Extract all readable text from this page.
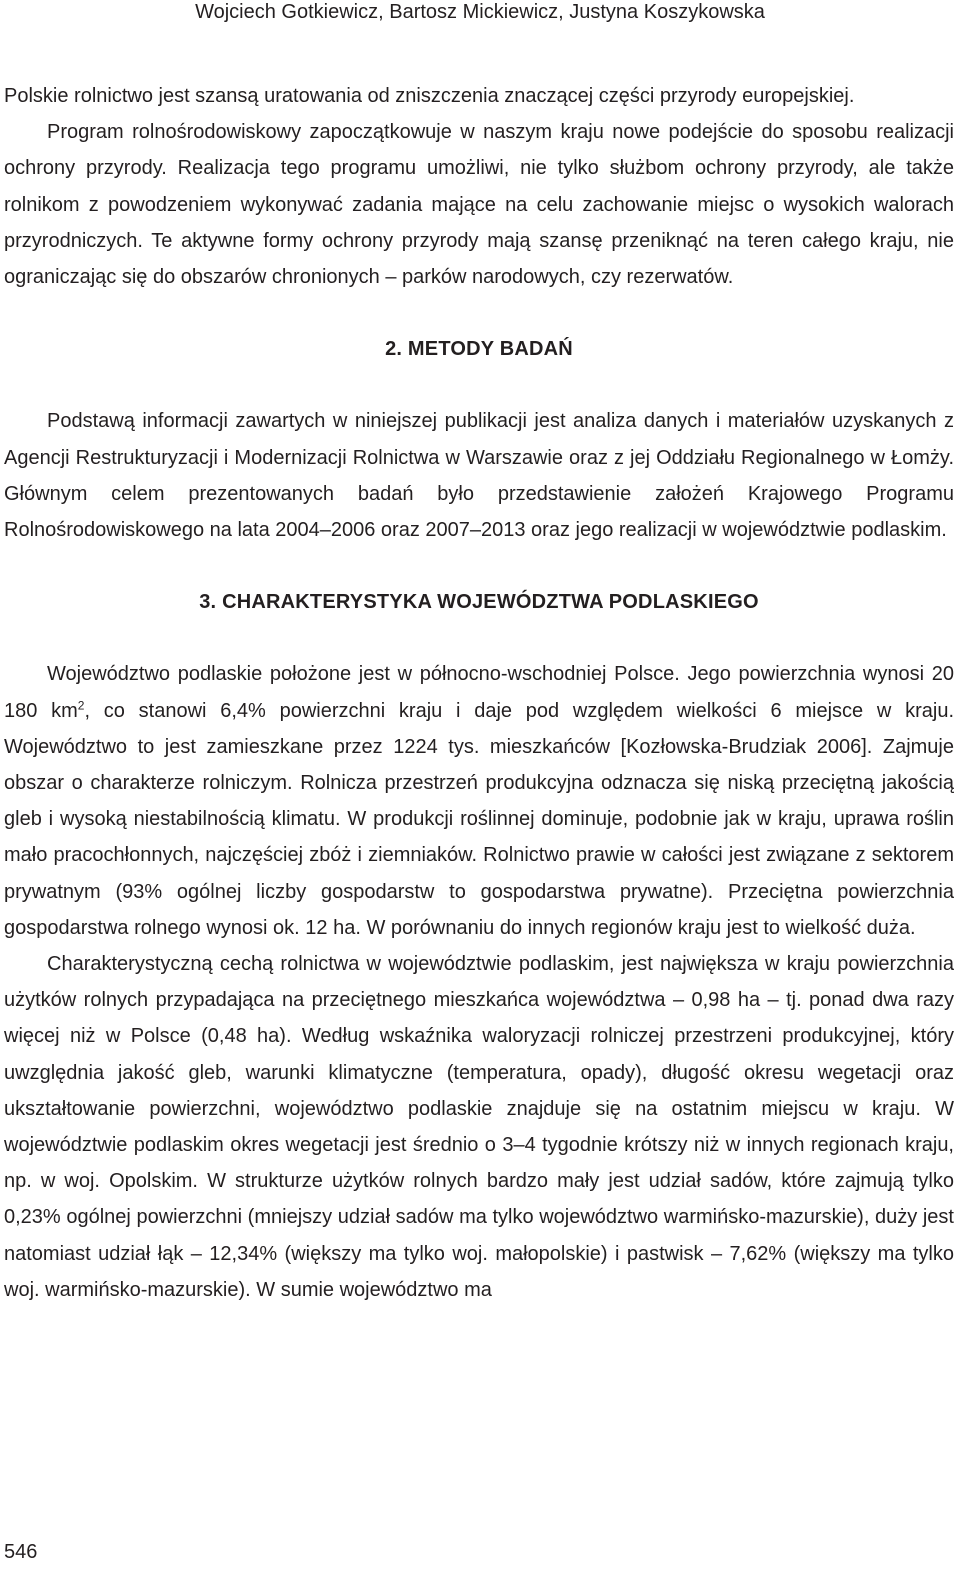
Wojciech Gotkiewicz, Bartosz Mickiewicz, Justyna Koszykowska

Polskie rolnictwo jest szansą uratowania od zniszczenia znaczącej części przyrody europejskiej.

Program rolnośrodowiskowy zapoczątkowuje w naszym kraju nowe podejście do sposobu realizacji ochrony przyrody. Realizacja tego programu umożliwi, nie tylko służbom ochrony przyrody, ale także rolnikom z powodzeniem wykonywać zadania mające na celu zachowanie miejsc o wysokich walorach przyrodniczych. Te aktywne formy ochrony przyrody mają szansę przeniknąć na teren całego kraju, nie ograniczając się do obszarów chronionych – parków narodowych, czy rezerwatów.

2. METODY BADAŃ

Podstawą informacji zawartych w niniejszej publikacji jest analiza danych i materiałów uzyskanych z Agencji Restrukturyzacji i Modernizacji Rolnictwa w Warszawie oraz z jej Oddziału Regionalnego w Łomży. Głównym celem prezentowanych badań było przedstawienie założeń Krajowego Programu Rolnośrodowiskowego na lata 2004–2006 oraz 2007–2013 oraz jego realizacji w województwie podlaskim.

3. CHARAKTERYSTYKA WOJEWÓDZTWA PODLASKIEGO

Województwo podlaskie położone jest w północno-wschodniej Polsce. Jego powierzchnia wynosi 20 180 $km^2$, co stanowi 6,4% powierzchni kraju i daje pod względem wielkości 6 miejsce w kraju. Województwo to jest zamieszkane przez 1224 tys. mieszkańców [Kozłowska-Brudziak 2006]. Zajmuje obszar o charakterze rolniczym. Rolnicza przestrzeń produkcyjna odznacza się niską przeciętną jakością gleb i wysoką niestabilnością klimatu. W produkcji roślinnej dominuje, podobnie jak w kraju, uprawa roślin mało pracochłonnych, najczęściej zbóż i ziemniaków. Rolnictwo prawie w całości jest związane z sektorem prywatnym (93% ogólnej liczby gospodarstw to gospodarstwa prywatne). Przeciętna powierzchnia gospodarstwa rolnego wynosi ok. 12 ha. W porównaniu do innych regionów kraju jest to wielkość duża.

Charakterystyczną cechą rolnictwa w województwie podlaskim, jest największa w kraju powierzchnia użytków rolnych przypadająca na przeciętnego mieszkańca województwa – 0,98 ha – tj. ponad dwa razy więcej niż w Polsce (0,48 ha). Według wskaźnika waloryzacji rolniczej przestrzeni produkcyjnej, który uwzględnia jakość gleb, warunki klimatyczne (temperatura, opady), długość okresu wegetacji oraz ukształtowanie powierzchni, województwo podlaskie znajduje się na ostatnim miejscu w kraju. W województwie podlaskim okres wegetacji jest średnio o 3–4 tygodnie krótszy niż w innych regionach kraju, np. w woj. Opolskim. W strukturze użytków rolnych bardzo mały jest udział sadów, które zajmują tylko 0,23% ogólnej powierzchni (mniejszy udział sadów ma tylko województwo warmińsko-mazurskie), duży jest natomiast udział łąk – 12,34% (większy ma tylko woj. małopolskie) i pastwisk – 7,62% (większy ma tylko woj. warmińsko-mazurskie). W sumie województwo ma

546
